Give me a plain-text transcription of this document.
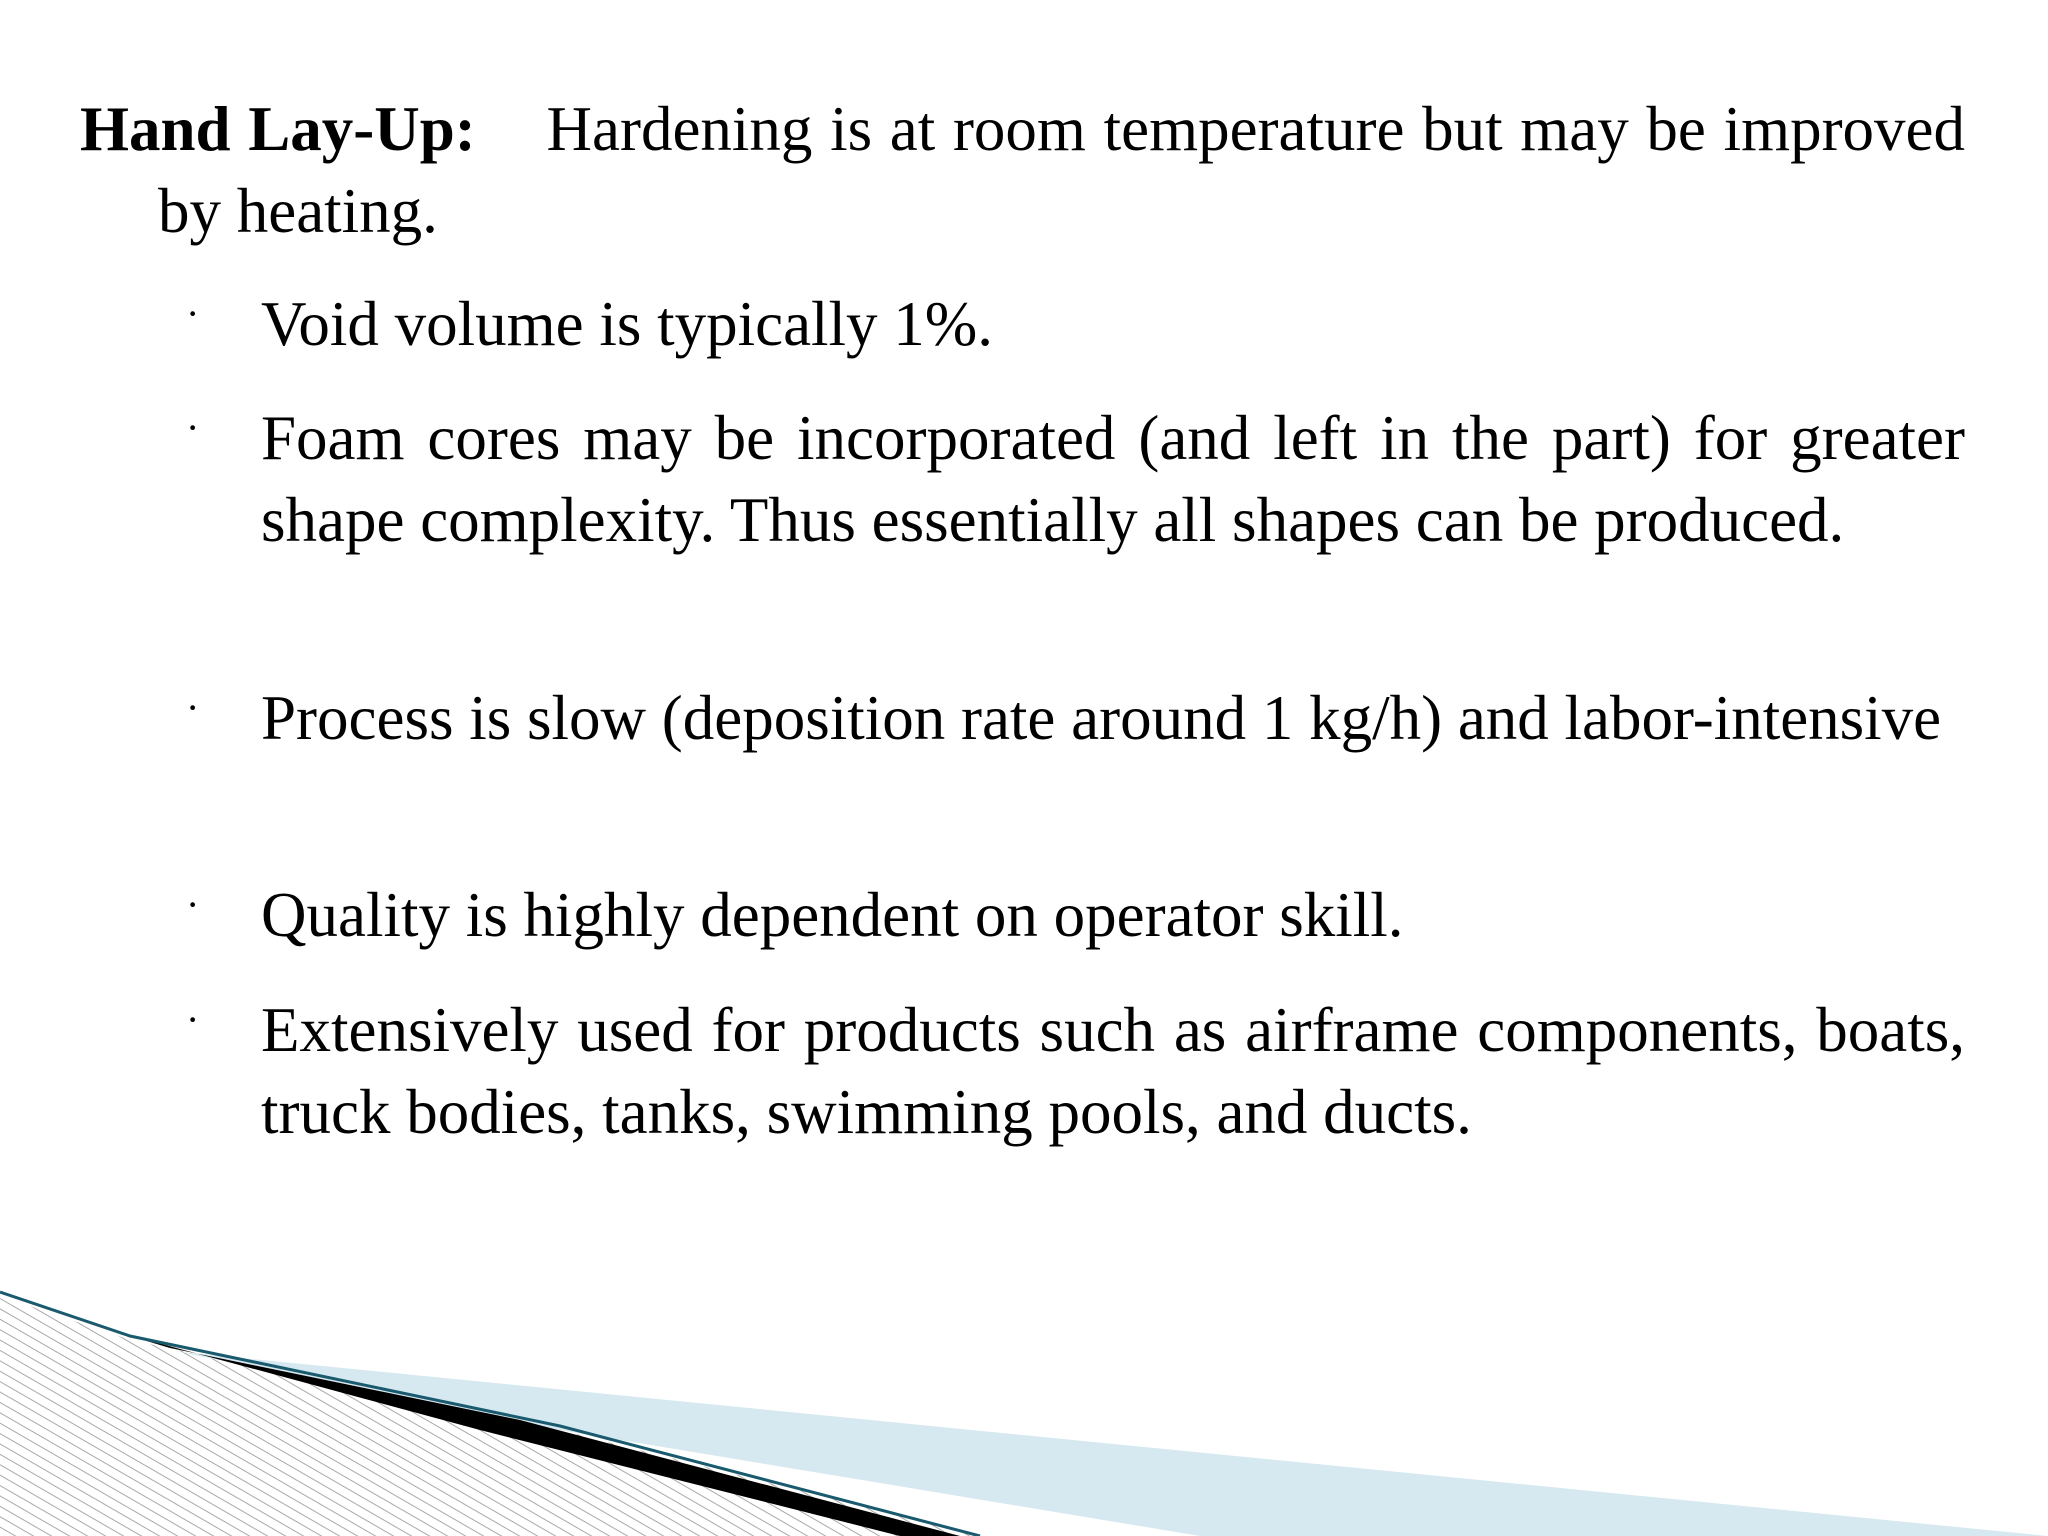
Hand Lay-Up: Hardening is at room temperature but may be improved by heating.
· Void volume is typically 1%.
· Foam cores may be incorporated (and left in the part) for greater shape complexity. Thus essentially all shapes can be produced.
· Process is slow (deposition rate around 1 kg/h) and labor-intensive
· Quality is highly dependent on operator skill.
· Extensively used for products such as airframe components, boats, truck bodies, tanks, swimming pools, and ducts.
